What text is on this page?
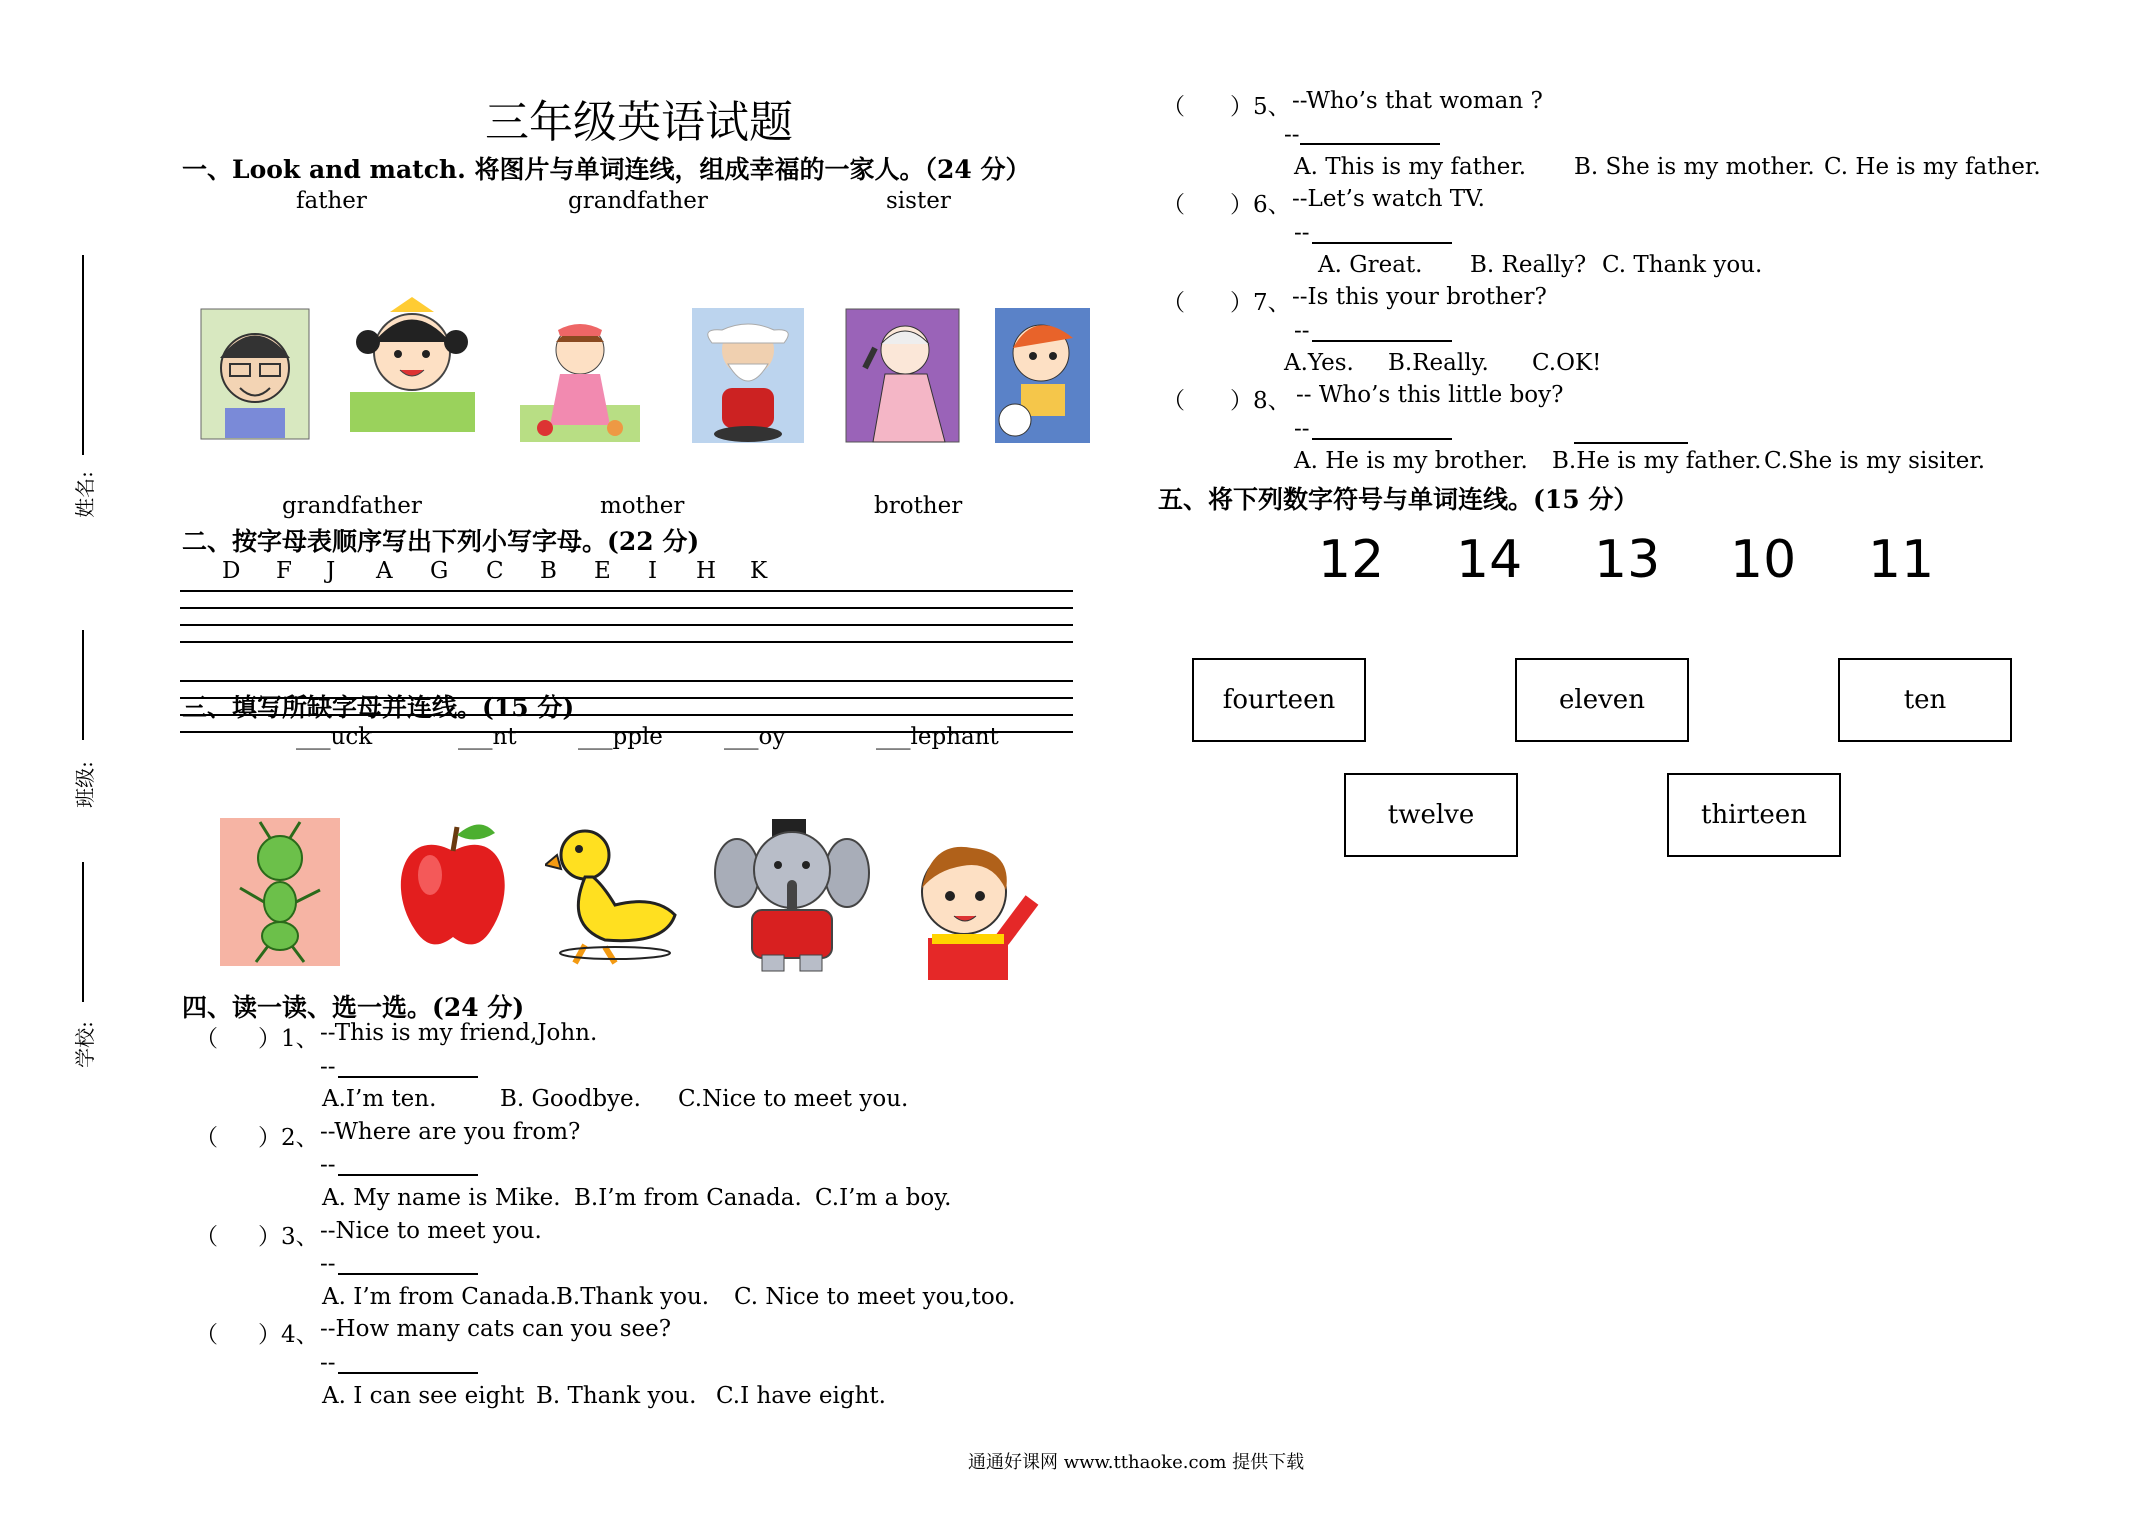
姓名:
班级:
学校:
三年级英语试题
一、Look and match. 将图片与单词连线，组成幸福的一家人。（24 分）
father	grandfather	sister
grandfather	mother	brother
二、按字母表顺序写出下列小写字母。(22 分)
D F J A G C B E I H K
三、填写所缺字母并连线。(15 分)
___uck	___nt	___pple	___oy	___lephant
四、读一读、选一选。(24 分)
（ ）1、 --This is my friend,John.
--
A.I’m ten.	B. Goodbye. C.Nice to meet you.
（ ）2、 --Where are you from?
--
A. My name is Mike. B.I’m from Canada. C.I’m a boy.
（ ）3、 --Nice to meet you.
--
A. I’m from Canada. B.Thank you. C. Nice to meet you,too.
（ ）4、 --How many cats can you see?
--
A. I can see eight B. Thank you. C.I have eight.
（ ）5、 --Who’s that woman ?
--
A. This is my father. B. She is my mother. C. He is my father.
（ ）6、 --Let’s watch TV.
--
A. Great. B. Really? C. Thank you.
（ ）7、 --Is this your brother?
--
A.Yes. B.Really. C.OK!
（ ）8、 -- Who’s this little boy?
--
A. He is my brother. B.He is my father. C.She is my sisiter.
五、将下列数字符号与单词连线。(15 分）
12 14 13 10 11
fourteen	eleven	ten
twelve	thirteen
通通好课网 www.tthaoke.com 提供下载
